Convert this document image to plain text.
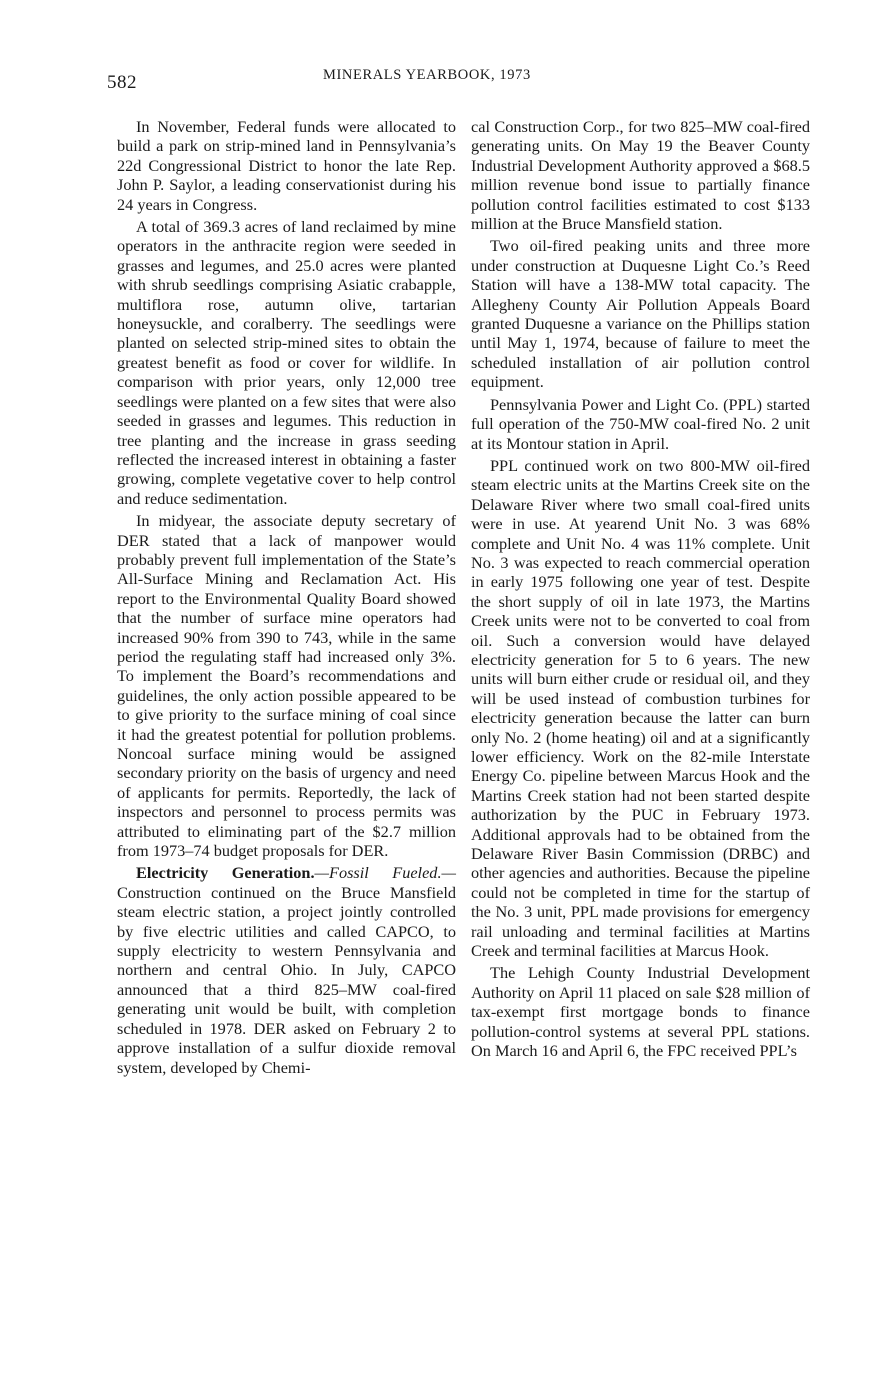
582	MINERALS YEARBOOK, 1973

In November, Federal funds were allocated to build a park on strip-mined land in Pennsylvania’s 22d Congressional District to honor the late Rep. John P. Saylor, a leading conservationist during his 24 years in Congress.

A total of 369.3 acres of land reclaimed by mine operators in the anthracite region were seeded in grasses and legumes, and 25.0 acres were planted with shrub seedlings comprising Asiatic crabapple, multiflora rose, autumn olive, tartarian honeysuckle, and coralberry. The seedlings were planted on selected strip-mined sites to obtain the greatest benefit as food or cover for wildlife. In comparison with prior years, only 12,000 tree seedlings were planted on a few sites that were also seeded in grasses and legumes. This reduction in tree planting and the increase in grass seeding reflected the increased interest in obtaining a faster growing, complete vegetative cover to help control and reduce sedimentation.

In midyear, the associate deputy secretary of DER stated that a lack of manpower would probably prevent full implementation of the State’s All-Surface Mining and Reclamation Act. His report to the Environmental Quality Board showed that the number of surface mine operators had increased 90% from 390 to 743, while in the same period the regulating staff had increased only 3%. To implement the Board’s recommendations and guidelines, the only action possible appeared to be to give priority to the surface mining of coal since it had the greatest potential for pollution problems. Noncoal surface mining would be assigned secondary priority on the basis of urgency and need of applicants for permits. Reportedly, the lack of inspectors and personnel to process permits was attributed to eliminating part of the $2.7 million from 1973–74 budget proposals for DER.

Electricity Generation.—Fossil Fueled.—Construction continued on the Bruce Mansfield steam electric station, a project jointly controlled by five electric utilities and called CAPCO, to supply electricity to western Pennsylvania and northern and central Ohio. In July, CAPCO announced that a third 825–MW coal-fired generating unit would be built, with completion scheduled in 1978. DER asked on February 2 to approve installation of a sulfur dioxide removal system, developed by Chemi-

cal Construction Corp., for two 825–MW coal-fired generating units. On May 19 the Beaver County Industrial Development Authority approved a $68.5 million revenue bond issue to partially finance pollution control facilities estimated to cost $133 million at the Bruce Mansfield station.

Two oil-fired peaking units and three more under construction at Duquesne Light Co.’s Reed Station will have a 138-MW total capacity. The Allegheny County Air Pollution Appeals Board granted Duquesne a variance on the Phillips station until May 1, 1974, because of failure to meet the scheduled installation of air pollution control equipment.

Pennsylvania Power and Light Co. (PPL) started full operation of the 750-MW coal-fired No. 2 unit at its Montour station in April.

PPL continued work on two 800-MW oil-fired steam electric units at the Martins Creek site on the Delaware River where two small coal-fired units were in use. At yearend Unit No. 3 was 68% complete and Unit No. 4 was 11% complete. Unit No. 3 was expected to reach commercial operation in early 1975 following one year of test. Despite the short supply of oil in late 1973, the Martins Creek units were not to be converted to coal from oil. Such a conversion would have delayed electricity generation for 5 to 6 years. The new units will burn either crude or residual oil, and they will be used instead of combustion turbines for electricity generation because the latter can burn only No. 2 (home heating) oil and at a significantly lower efficiency. Work on the 82-mile Interstate Energy Co. pipeline between Marcus Hook and the Martins Creek station had not been started despite authorization by the PUC in February 1973. Additional approvals had to be obtained from the Delaware River Basin Commission (DRBC) and other agencies and authorities. Because the pipeline could not be completed in time for the startup of the No. 3 unit, PPL made provisions for emergency rail unloading and terminal facilities at Martins Creek and terminal facilities at Marcus Hook.

The Lehigh County Industrial Development Authority on April 11 placed on sale $28 million of tax-exempt first mortgage bonds to finance pollution-control systems at several PPL stations. On March 16 and April 6, the FPC received PPL’s
